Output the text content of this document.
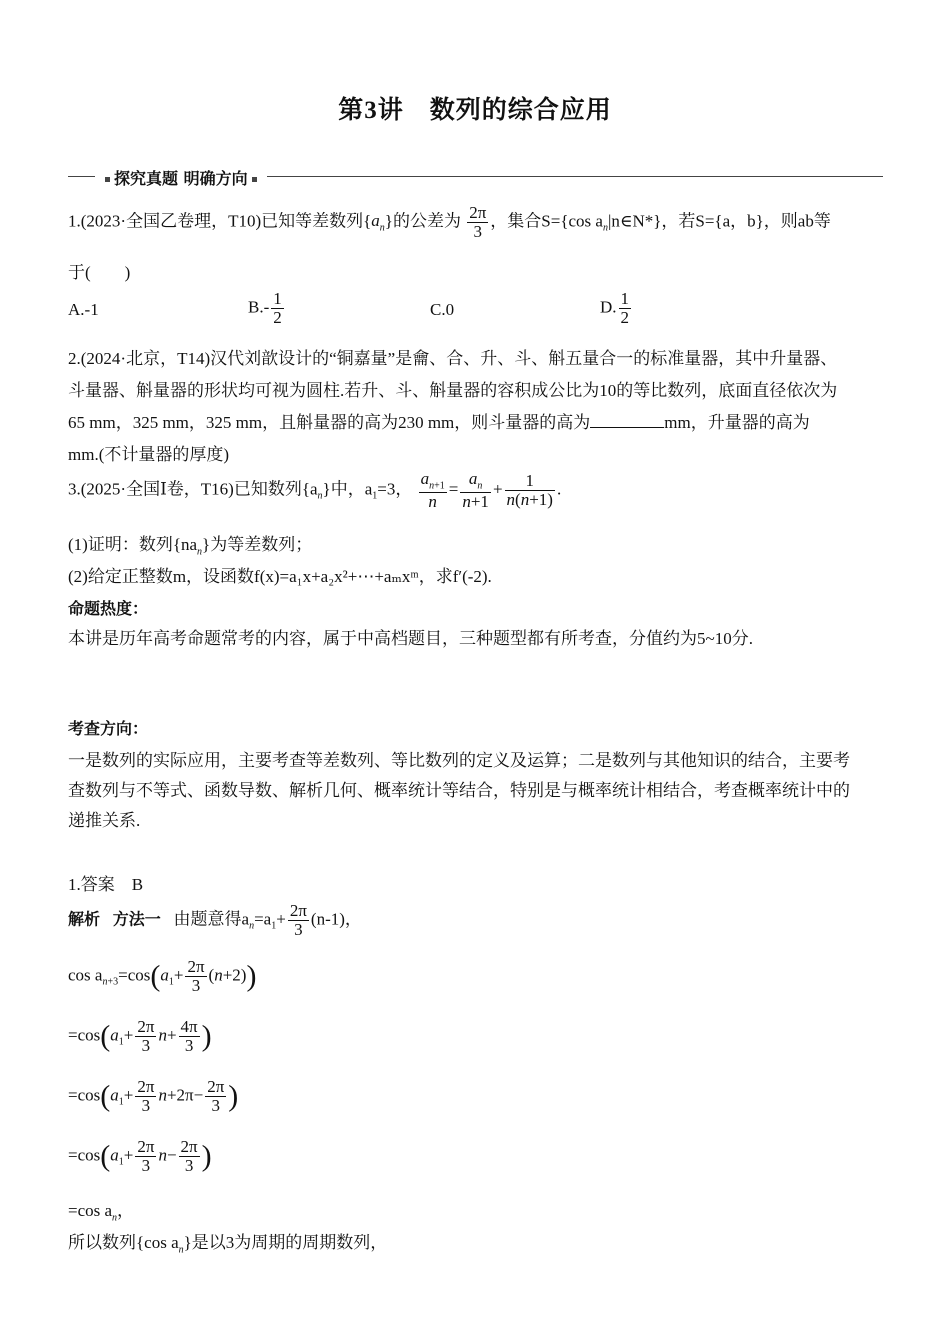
第3讲　数列的综合应用
探究真题 明确方向
1.(2023·全国乙卷理，T10)已知等差数列$\{a_n\}$的公差为 $\frac{2\pi}{3}$ ，集合S={cos $a_n|n\in N*$}，若S={a，b}，则ab等
于(　　)
A.-1	$B.- \frac{1}{2}$	C.0	D. $\frac{1}{2}$
2.(2024·北京，T14)汉代刘歆设计的“铜嘉量”是龠、合、升、斗、斛五量合一的标准量器，其中升量器、
斗量器、斛量器的形状均可视为圆柱.若升、斗、斛量器的容积成公比为10的等比数列，底面直径依次为
65 mm，325 mm，325 mm，且斛量器的高为230 mm，则斗量器的高为	mm，升量器的高为
mm.(不计量器的厚度)
3.(2025·全国Ⅰ卷，T16)已知数列$\{a_n\}$中，$a_1=3$， $\frac{a_{n+1}}{n} = \frac{a_n}{n+1} + \frac{1}{n(n+1)}$ .
(1)证明：数列$\{na_n\}$为等差数列；
(2)给定正整数m，设函数f(x)=a₁x+a₂x²+⋯+aₘxᵐ，求f′(-2).
命题热度：
本讲是历年高考命题常考的内容，属于中高档题目，三种题型都有所考查，分值约为5~10分.
考查方向：
一是数列的实际应用，主要考查等差数列、等比数列的定义及运算；二是数列与其他知识的结合，主要考
查数列与不等式、函数导数、解析几何、概率统计等结合，特别是与概率统计相结合，考查概率统计中的
递推关系.
1.答案　B
解析 方法一 由题意得$a_n=a_1+ \frac{2\pi}{3} (n-1)$，
$\cos a_{n+3}=\cos(a_1+ \frac{2\pi}{3} (n+2))$
$=\cos(a_1+ \frac{2\pi}{3} n+ \frac{4\pi}{3}$ )
$=\cos(a_1+ \frac{2\pi}{3} n+2\pi- \frac{2\pi}{3}$ )
$=\cos(a_1+ \frac{2\pi}{3} n- \frac{2\pi}{3}$ )
=cos $a_n$，
所以数列{cos $a_n$}是以3为周期的周期数列，
